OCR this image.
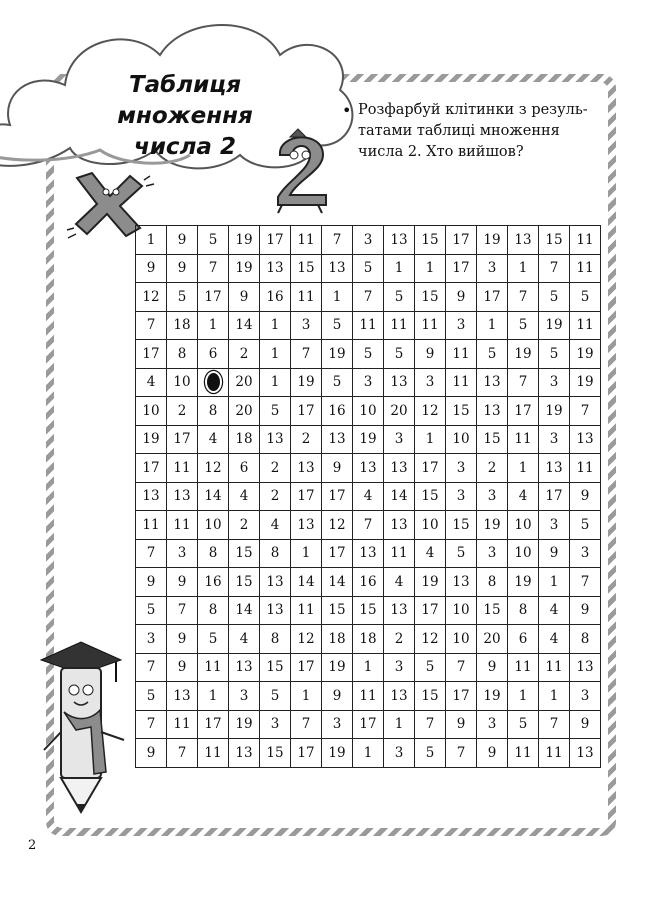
Таблиця множення
числа 2
• Розфарбуй клітинки з резуль-татами таблиці множення числа 2. Хто вийшов?
1	9	5	19	17	11	7	3	13	15	17	19	13	15	11
9	9	7	19	13	15	13	5	1	1	17	3	1	7	11
12	5	17	9	16	11	1	7	5	15	9	17	7	5	5
7	18	1	14	1	3	5	11	11	11	3	1	5	19	11
17	8	6	2	1	7	19	5	5	9	11	5	19	5	19
4	10		20	1	19	5	3	13	3	11	13	7	3	19
10	2	8	20	5	17	16	10	20	12	15	13	17	19	7
19	17	4	18	13	2	13	19	3	1	10	15	11	3	13
17	11	12	6	2	13	9	13	13	17	3	2	1	13	11
13	13	14	4	2	17	17	4	14	15	3	3	4	17	9
11	11	10	2	4	13	12	7	13	10	15	19	10	3	5
7	3	8	15	8	1	17	13	11	4	5	3	10	9	3
9	9	16	15	13	14	14	16	4	19	13	8	19	1	7
5	7	8	14	13	11	15	15	13	17	10	15	8	4	9
3	9	5	4	8	12	18	18	2	12	10	20	6	4	8
7	9	11	13	15	17	19	1	3	5	7	9	11	11	13
5	13	1	3	5	1	9	11	13	15	17	19	1	1	3
7	11	17	19	3	7	3	17	1	7	9	3	5	7	9
9	7	11	13	15	17	19	1	3	5	7	9	11	11	13
2
